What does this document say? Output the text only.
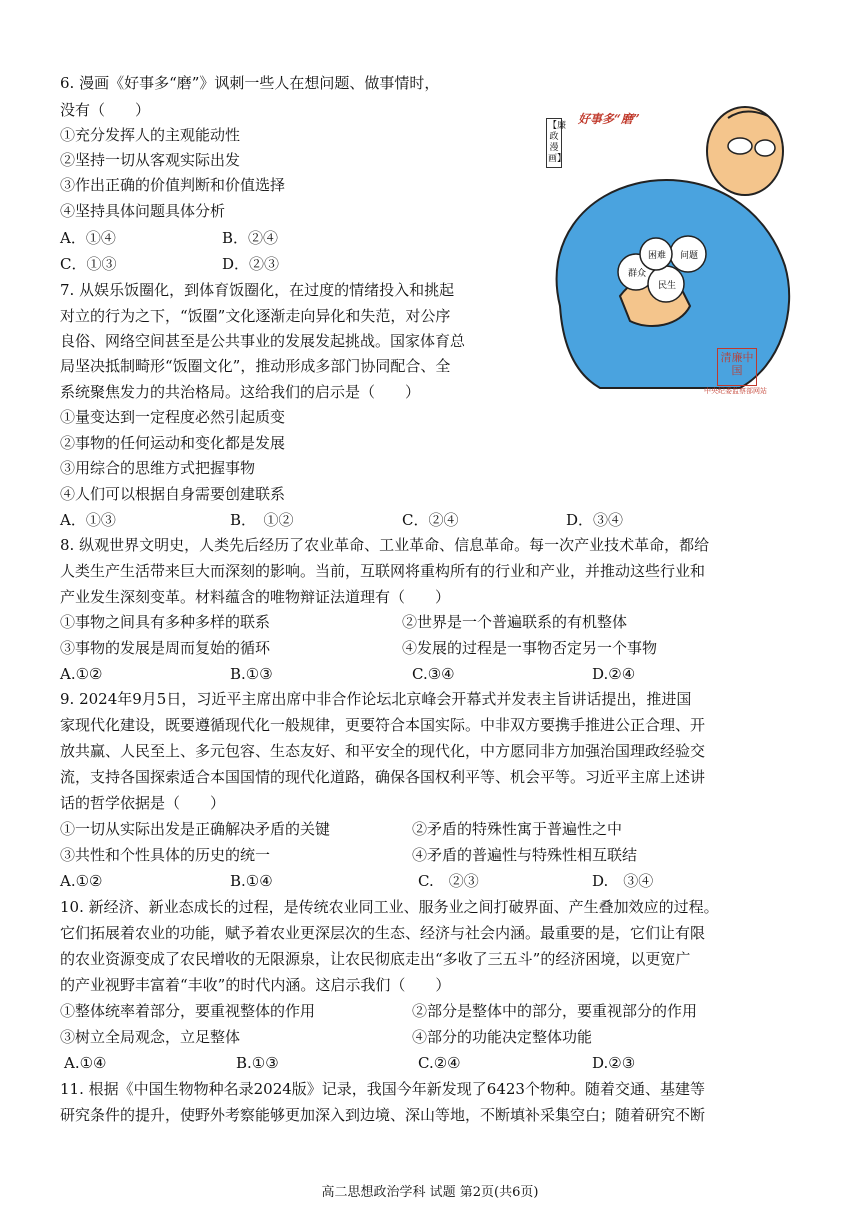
6. 漫画《好事多“磨”》讽刺一些人在想问题、做事情时，
没有（　　）
①充分发挥人的主观能动性
②坚持一切从客观实际出发
③作出正确的价值判断和价值选择
④坚持具体问题具体分析
A．①④	B．②④
C．①③	D．②③
好事多“磨”
【廉政漫画】
群众
问题
民生
困难
清廉中国
中央纪委监察部网站
7. 从娱乐饭圈化，到体育饭圈化，在过度的情绪投入和挑起
对立的行为之下，“饭圈”文化逐渐走向异化和失范，对公序
良俗、网络空间甚至是公共事业的发展发起挑战。国家体育总
局坚决抵制畸形“饭圈文化”，推动形成多部门协同配合、全
系统聚焦发力的共治格局。这给我们的启示是（　　）
①量变达到一定程度必然引起质变
②事物的任何运动和变化都是发展
③用综合的思维方式把握事物
④人们可以根据自身需要创建联系
A．①③	B．　①②	C．②④	D．③④
8. 纵观世界文明史，人类先后经历了农业革命、工业革命、信息革命。每一次产业技术革命，都给
人类生产生活带来巨大而深刻的影响。当前，互联网将重构所有的行业和产业，并推动这些行业和
产业发生深刻变革。材料蕴含的唯物辩证法道理有（　　）
①事物之间具有多种多样的联系	②世界是一个普遍联系的有机整体
③事物的发展是周而复始的循环	④发展的过程是一事物否定另一个事物
A.①②	B.①③	C.③④	D.②④
9. 2024年9月5日，习近平主席出席中非合作论坛北京峰会开幕式并发表主旨讲话提出，推进国
家现代化建设，既要遵循现代化一般规律，更要符合本国实际。中非双方要携手推进公正合理、开
放共赢、人民至上、多元包容、生态友好、和平安全的现代化，中方愿同非方加强治国理政经验交
流，支持各国探索适合本国国情的现代化道路，确保各国权利平等、机会平等。习近平主席上述讲
话的哲学依据是（　　）
①一切从实际出发是正确解决矛盾的关键	②矛盾的特殊性寓于普遍性之中
③共性和个性具体的历史的统一	④矛盾的普遍性与特殊性相互联结
A.①②	B.①④	C.　②③	D.　③④
10. 新经济、新业态成长的过程，是传统农业同工业、服务业之间打破界面、产生叠加效应的过程。
它们拓展着农业的功能，赋予着农业更深层次的生态、经济与社会内涵。最重要的是，它们让有限
的农业资源变成了农民增收的无限源泉，让农民彻底走出“多收了三五斗”的经济困境，以更宽广
的产业视野丰富着“丰收”的时代内涵。这启示我们（　　）
①整体统率着部分，要重视整体的作用	②部分是整体中的部分，要重视部分的作用
③树立全局观念，立足整体	④部分的功能决定整体功能
A.①④	B.①③	C.②④	D.②③
11. 根据《中国生物物种名录2024版》记录，我国今年新发现了6423个物种。随着交通、基建等
研究条件的提升，使野外考察能够更加深入到边境、深山等地，不断填补采集空白；随着研究不断
高二思想政治学科 试题 第2页(共6页)
